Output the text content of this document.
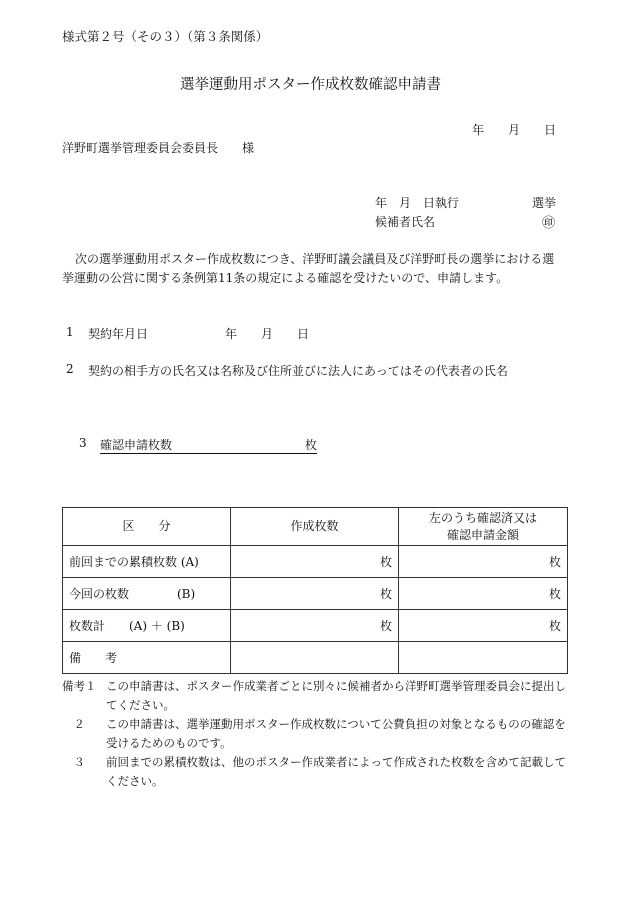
様式第２号（その３）（第３条関係）
選挙運動用ポスター作成枚数確認申請書
年　　月　　日
洋野町選挙管理委員会委員長　　様
年　月　日執行	選挙
候補者氏名	㊞
次の選挙運動用ポスター作成枚数につき、洋野町議会議員及び洋野町長の選挙における選
挙運動の公営に関する条例第11条の規定による確認を受けたいので、申請します。
1 契約年月日	年　　月　　日
2 契約の相手方の氏名又は名称及び住所並びに法人にあってはその代表者の氏名
3 確認申請枚数	枚
区　　分	作成枚数	左のうち確認済又は
確認申請金額
前回までの累積枚数 (A)	枚	枚
今回の枚数　　　　(B)	枚	枚
枚数計　　(A) ＋ (B)	枚	枚
備　　考		
備考１ この申請書は、ポスター作成業者ごとに別々に候補者から洋野町選挙管理委員会に提出してください。
　２	この申請書は、選挙運動用ポスター作成枚数について公費負担の対象となるものの確認を受けるためのものです。
　３	前回までの累積枚数は、他のポスター作成業者によって作成された枚数を含めて記載してください。
